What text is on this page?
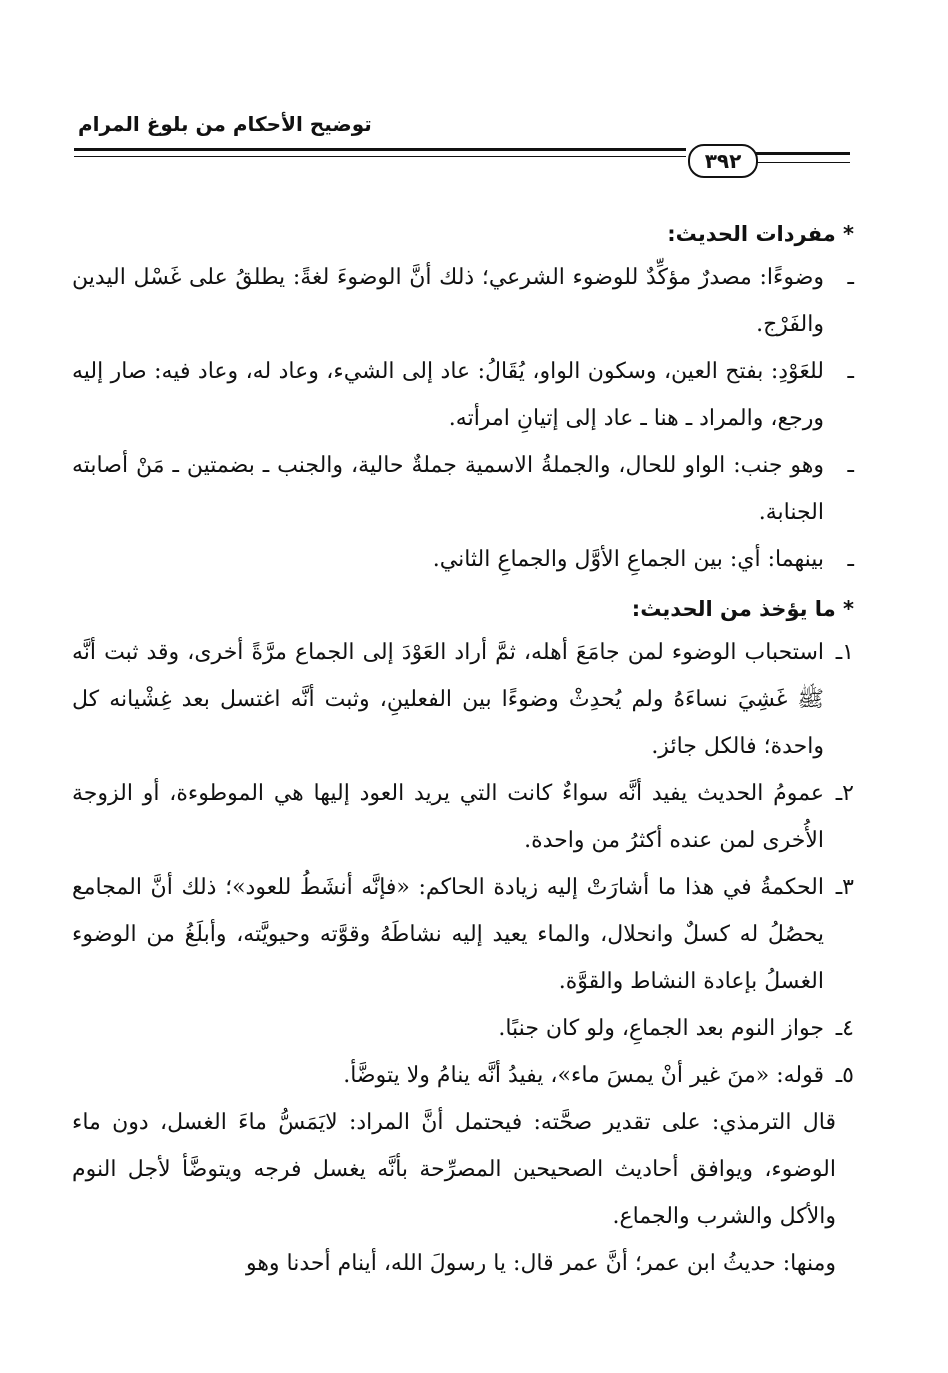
توضيح الأحكام من بلوغ المرام
٣٩٢
* مفردات الحديث:
ـ
وضوءًا: مصدرٌ مؤكِّدٌ للوضوء الشرعي؛ ذلك أنَّ الوضوءَ لغةً: يطلقُ على غَسْل اليدين والفَرْج.
ـ
للعَوْدِ: بفتح العين، وسكون الواو، يُقَالُ: عاد إلى الشيء، وعاد له، وعاد فيه: صار إليه ورجع، والمراد ـ هنا ـ عاد إلى إتيانِ امرأته.
ـ
وهو جنب: الواو للحال، والجملةُ الاسمية جملةٌ حالية، والجنب ـ بضمتين ـ مَنْ أصابته الجنابة.
ـ
بينهما: أي: بين الجماعِ الأوَّل والجماعِ الثاني.
* ما يؤخذ من الحديث:
١ـ
استحباب الوضوء لمن جامَعَ أهله، ثمَّ أراد العَوْدَ إلى الجماع مرَّةً أخرى، وقد ثبت أنَّه ﷺ غَشِيَ نساءَهُ ولم يُحدِثْ وضوءًا بين الفعلينِ، وثبت أنَّه اغتسل بعد غِشْيانه كل واحدة؛ فالكل جائز.
٢ـ
عمومُ الحديث يفيد أنَّه سواءٌ كانت التي يريد العود إليها هي الموطوءة، أو الزوجة الأُخرى لمن عنده أكثرُ من واحدة.
٣ـ
الحكمةُ في هذا ما أشارَتْ إليه زيادة الحاكم: «فإنَّه أنشَطُ للعود»؛ ذلك أنَّ المجامع يحصُلُ له كسلٌ وانحلال، والماء يعيد إليه نشاطَهُ وقوَّته وحيويَّته، وأبلَغُ من الوضوء الغسلُ بإعادة النشاط والقوَّة.
٤ـ
جواز النوم بعد الجماعِ، ولو كان جنبًا.
٥ـ
قوله: «منَ غير أنْ يمسَ ماء»، يفيدُ أنَّه ينامُ ولا يتوضَّأ.
قال الترمذي: على تقدير صحَّته: فيحتمل أنَّ المراد: لايَمَسُّ ماءَ الغسل، دون ماء الوضوء، ويوافق أحاديث الصحيحين المصرِّحة بأنَّه يغسل فرجه ويتوضَّأ لأجل النوم والأكل والشرب والجماع.
ومنها: حديثُ ابن عمر؛ أنَّ عمر قال: يا رسولَ الله، أينام أحدنا وهو
